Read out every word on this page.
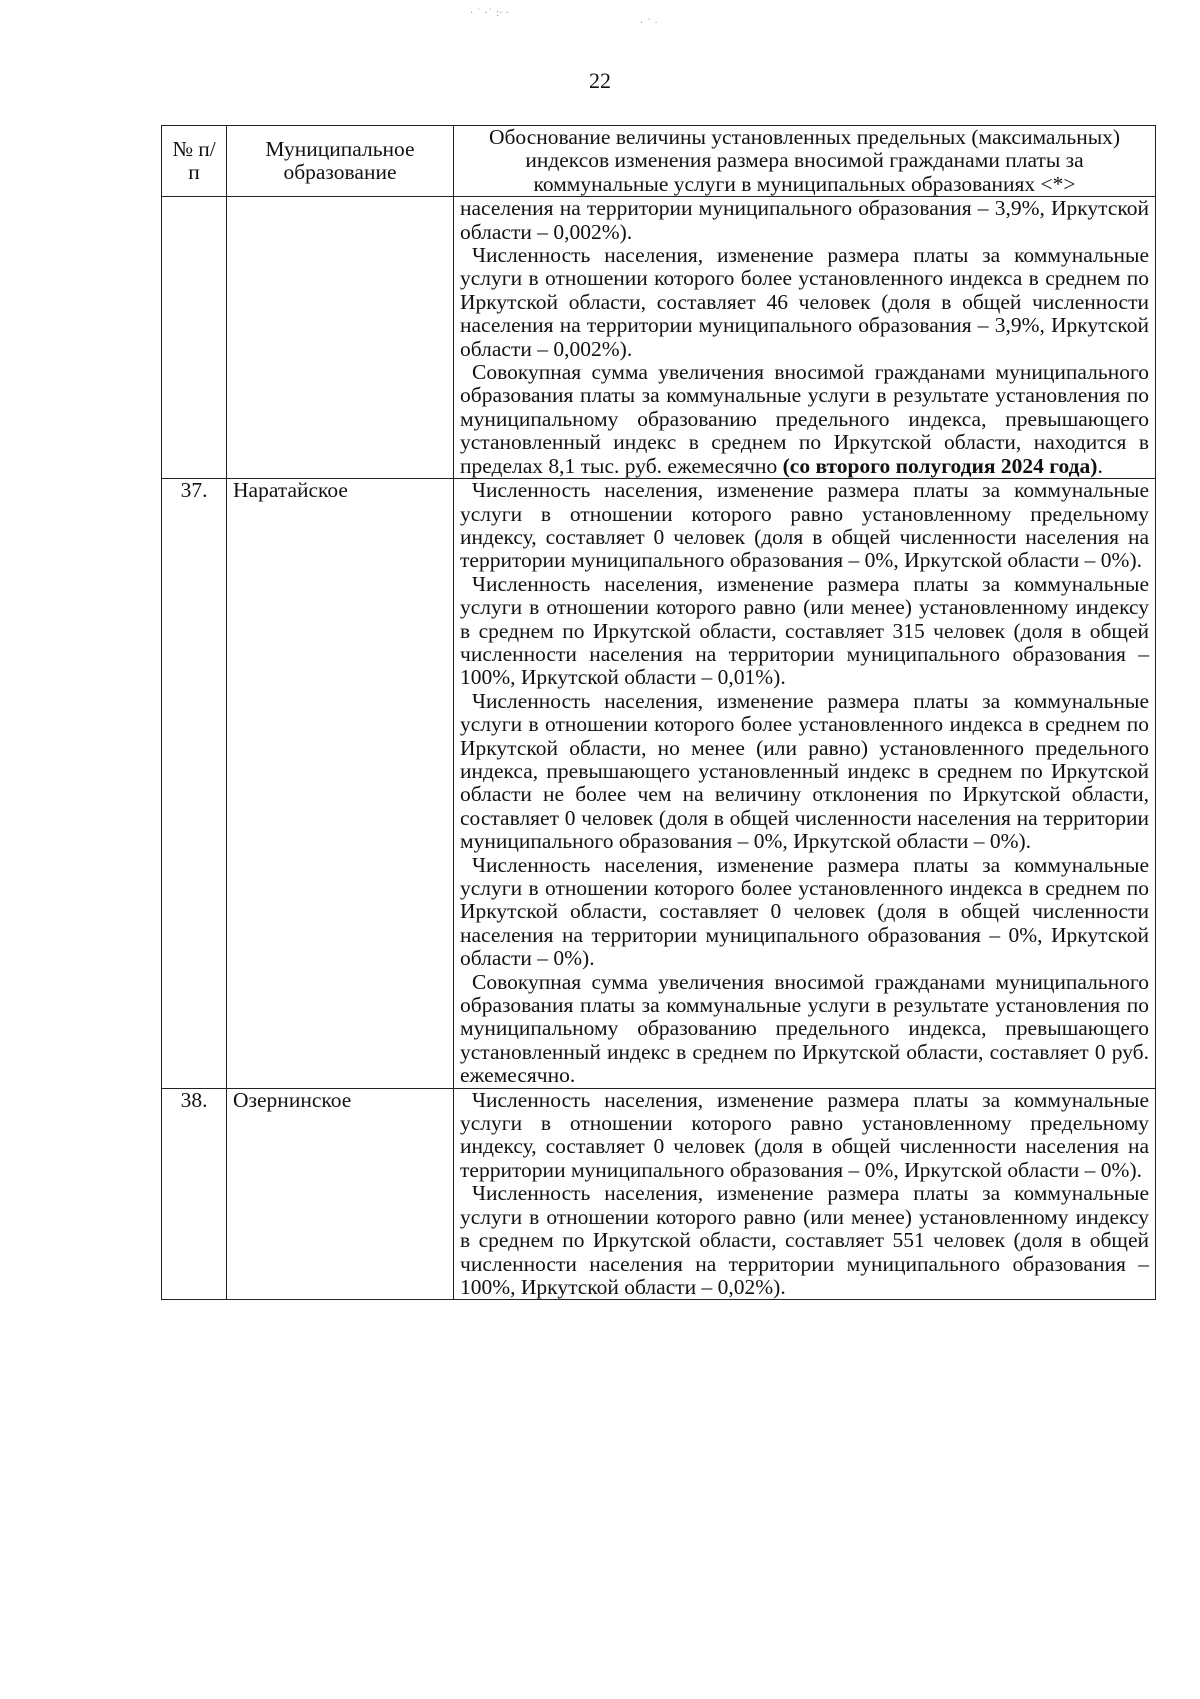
· ˙ ·˙ :· ·
· ˙ ·
22
№ п/п	Муниципальное образование	Обоснование величины установленных предельных (максимальных) индексов изменения размера вносимой гражданами платы за коммунальные услуги в муниципальных образованиях <*>

		населения на территории муниципального образования – 3,9%, Иркутской области – 0,002%).

Численность населения, изменение размера платы за коммунальные услуги в отношении которого более установленного индекса в среднем по Иркутской области, составляет 46 человек (доля в общей численности населения на территории муниципального образования – 3,9%, Иркутской области – 0,002%).

Совокупная сумма увеличения вносимой гражданами муниципального образования платы за коммунальные услуги в результате установления по муниципальному образованию предельного индекса, превышающего установленный индекс в среднем по Иркутской области, находится в пределах 8,1 тыс. руб. ежемесячно (со второго полугодия 2024 года).

37.	Наратайское	Численность населения, изменение размера платы за коммунальные услуги в отношении которого равно установленному предельному индексу, составляет 0 человек (доля в общей численности населения на территории муниципального образования – 0%, Иркутской области – 0%).

Численность населения, изменение размера платы за коммунальные услуги в отношении которого равно (или менее) установленному индексу в среднем по Иркутской области, составляет 315 человек (доля в общей численности населения на территории муниципального образования – 100%, Иркутской области – 0,01%).

Численность населения, изменение размера платы за коммунальные услуги в отношении которого более установленного индекса в среднем по Иркутской области, но менее (или равно) установленного предельного индекса, превышающего установленный индекс в среднем по Иркутской области не более чем на величину отклонения по Иркутской области, составляет 0 человек (доля в общей численности населения на территории муниципального образования – 0%, Иркутской области – 0%).

Численность населения, изменение размера платы за коммунальные услуги в отношении которого более установленного индекса в среднем по Иркутской области, составляет 0 человек (доля в общей численности населения на территории муниципального образования – 0%, Иркутской области – 0%).

Совокупная сумма увеличения вносимой гражданами муниципального образования платы за коммунальные услуги в результате установления по муниципальному образованию предельного индекса, превышающего установленный индекс в среднем по Иркутской области, составляет 0 руб. ежемесячно.

38.	Озернинское	Численность населения, изменение размера платы за коммунальные услуги в отношении которого равно установленному предельному индексу, составляет 0 человек (доля в общей численности населения на территории муниципального образования – 0%, Иркутской области – 0%).

Численность населения, изменение размера платы за коммунальные услуги в отношении которого равно (или менее) установленному индексу в среднем по Иркутской области, составляет 551 человек (доля в общей численности населения на территории муниципального образования – 100%, Иркутской области – 0,02%).
